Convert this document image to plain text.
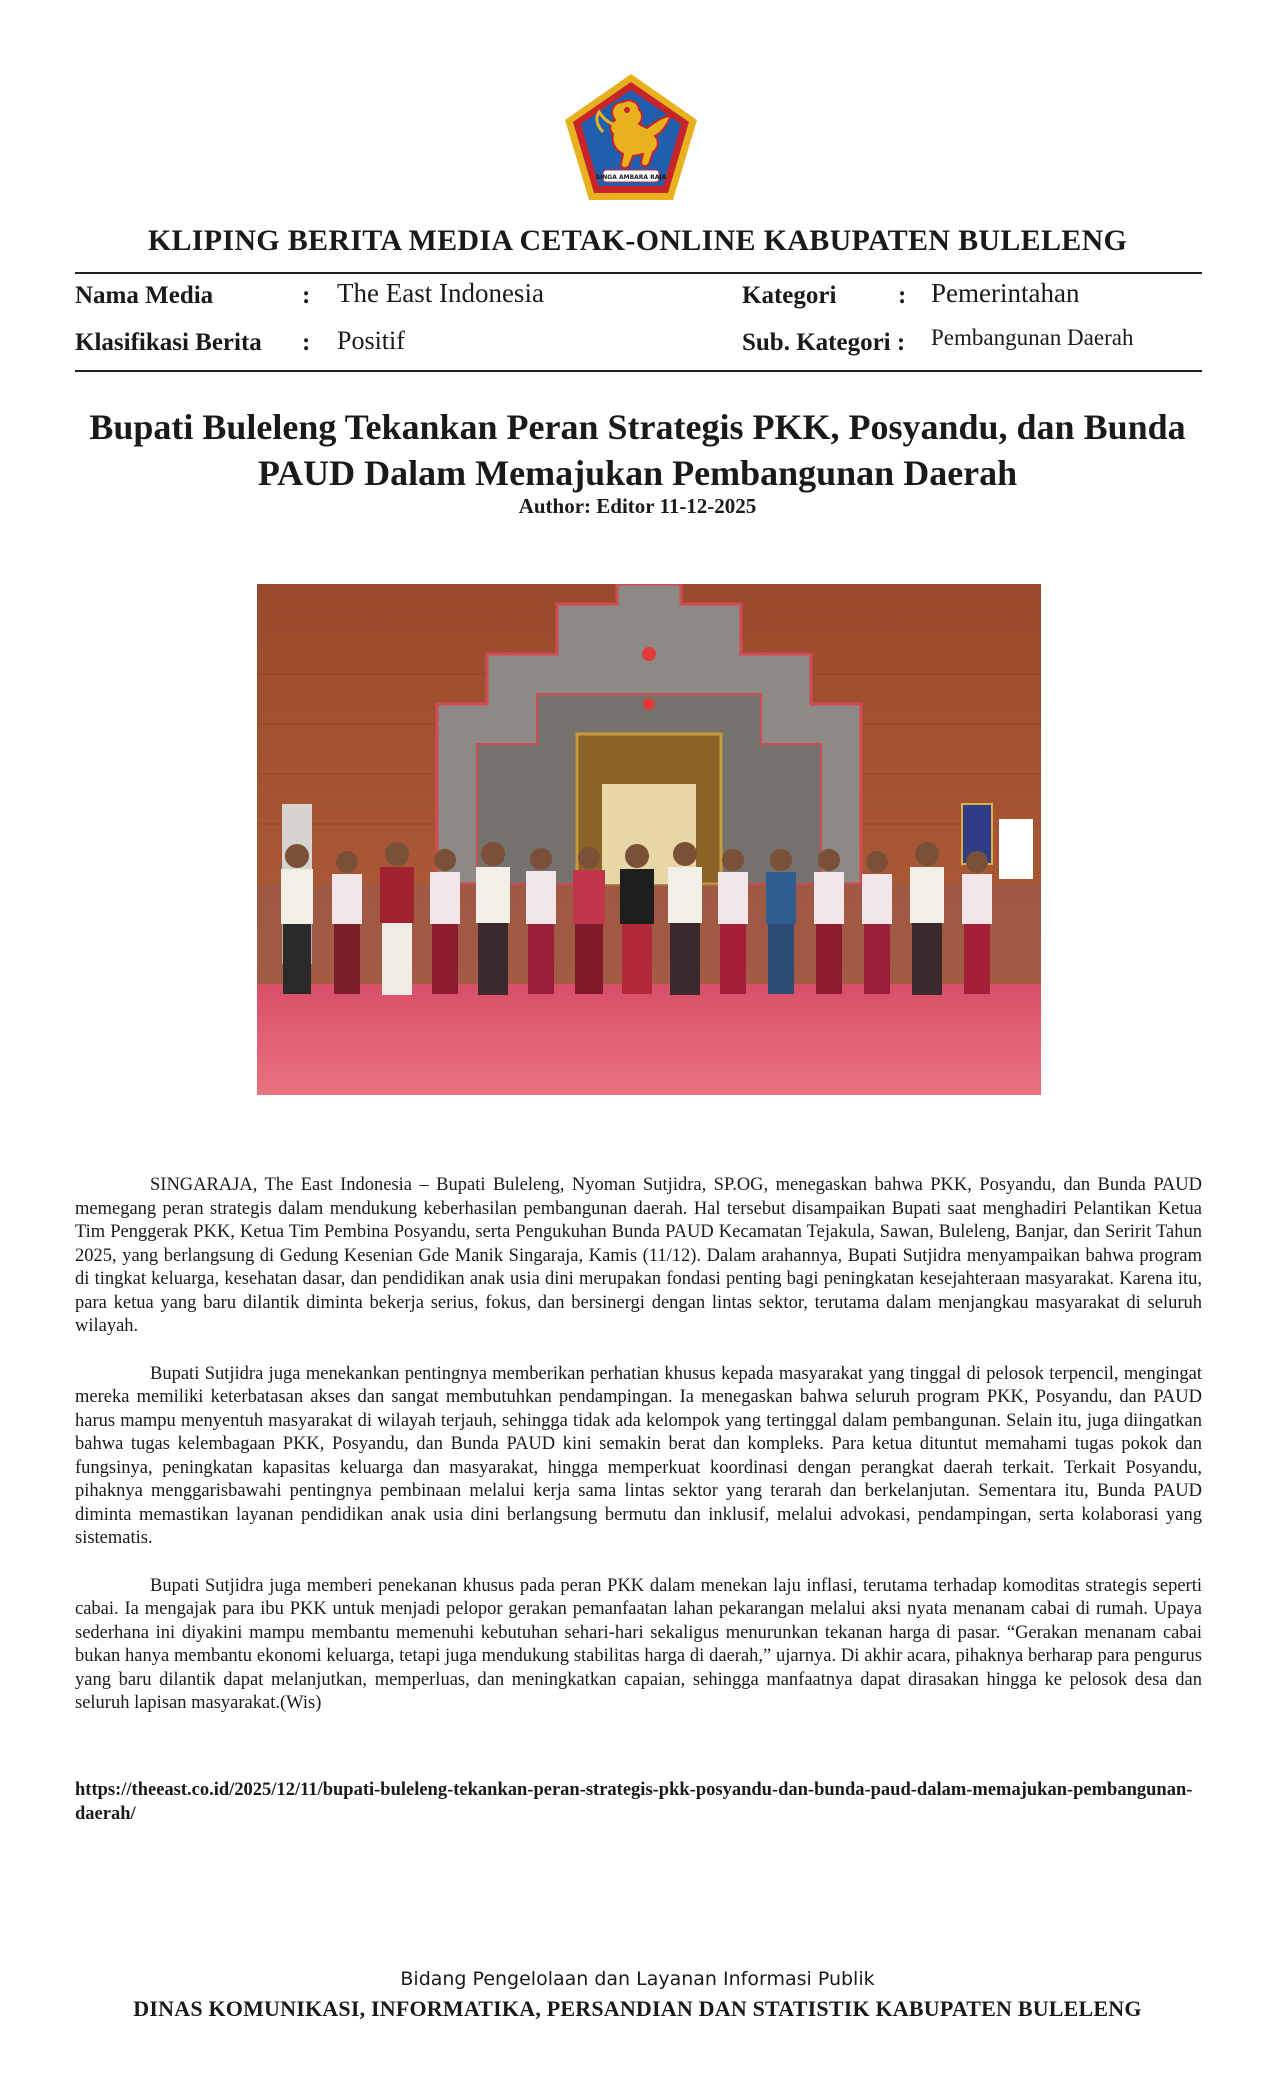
SINGA AMBARA RAJA
KLIPING BERITA MEDIA CETAK-ONLINE KABUPATEN BULELENG
Nama Media	: The East Indonesia	Kategori : Pemerintahan
Klasifikasi Berita : Positif	Sub. Kategori : Pembangunan Daerah
Bupati Buleleng Tekankan Peran Strategis PKK, Posyandu, dan Bunda PAUD Dalam Memajukan Pembangunan Daerah
Author: Editor 11-12-2025

SINGARAJA, The East Indonesia – Bupati Buleleng, Nyoman Sutjidra, SP.OG, menegaskan bahwa PKK, Posyandu, dan Bunda PAUD memegang peran strategis dalam mendukung keberhasilan pembangunan daerah. Hal tersebut disampaikan Bupati saat menghadiri Pelantikan Ketua Tim Penggerak PKK, Ketua Tim Pembina Posyandu, serta Pengukuhan Bunda PAUD Kecamatan Tejakula, Sawan, Buleleng, Banjar, dan Seririt Tahun 2025, yang berlangsung di Gedung Kesenian Gde Manik Singaraja, Kamis (11/12). Dalam arahannya, Bupati Sutjidra menyampaikan bahwa program di tingkat keluarga, kesehatan dasar, dan pendidikan anak usia dini merupakan fondasi penting bagi peningkatan kesejahteraan masyarakat. Karena itu, para ketua yang baru dilantik diminta bekerja serius, fokus, dan bersinergi dengan lintas sektor, terutama dalam menjangkau masyarakat di seluruh wilayah.

Bupati Sutjidra juga menekankan pentingnya memberikan perhatian khusus kepada masyarakat yang tinggal di pelosok terpencil, mengingat mereka memiliki keterbatasan akses dan sangat membutuhkan pendampingan. Ia menegaskan bahwa seluruh program PKK, Posyandu, dan PAUD harus mampu menyentuh masyarakat di wilayah terjauh, sehingga tidak ada kelompok yang tertinggal dalam pembangunan. Selain itu, juga diingatkan bahwa tugas kelembagaan PKK, Posyandu, dan Bunda PAUD kini semakin berat dan kompleks. Para ketua dituntut memahami tugas pokok dan fungsinya, peningkatan kapasitas keluarga dan masyarakat, hingga memperkuat koordinasi dengan perangkat daerah terkait. Terkait Posyandu, pihaknya menggarisbawahi pentingnya pembinaan melalui kerja sama lintas sektor yang terarah dan berkelanjutan. Sementara itu, Bunda PAUD diminta memastikan layanan pendidikan anak usia dini berlangsung bermutu dan inklusif, melalui advokasi, pendampingan, serta kolaborasi yang sistematis.

Bupati Sutjidra juga memberi penekanan khusus pada peran PKK dalam menekan laju inflasi, terutama terhadap komoditas strategis seperti cabai. Ia mengajak para ibu PKK untuk menjadi pelopor gerakan pemanfaatan lahan pekarangan melalui aksi nyata menanam cabai di rumah. Upaya sederhana ini diyakini mampu membantu memenuhi kebutuhan sehari-hari sekaligus menurunkan tekanan harga di pasar. “Gerakan menanam cabai bukan hanya membantu ekonomi keluarga, tetapi juga mendukung stabilitas harga di daerah,” ujarnya. Di akhir acara, pihaknya berharap para pengurus yang baru dilantik dapat melanjutkan, memperluas, dan meningkatkan capaian, sehingga manfaatnya dapat dirasakan hingga ke pelosok desa dan seluruh lapisan masyarakat.(Wis)

https://theeast.co.id/2025/12/11/bupati-buleleng-tekankan-peran-strategis-pkk-posyandu-dan-bunda-paud-dalam-memajukan-pembangunan-daerah/
Bidang Pengelolaan dan Layanan Informasi Publik
DINAS KOMUNIKASI, INFORMATIKA, PERSANDIAN DAN STATISTIK KABUPATEN BULELENG
